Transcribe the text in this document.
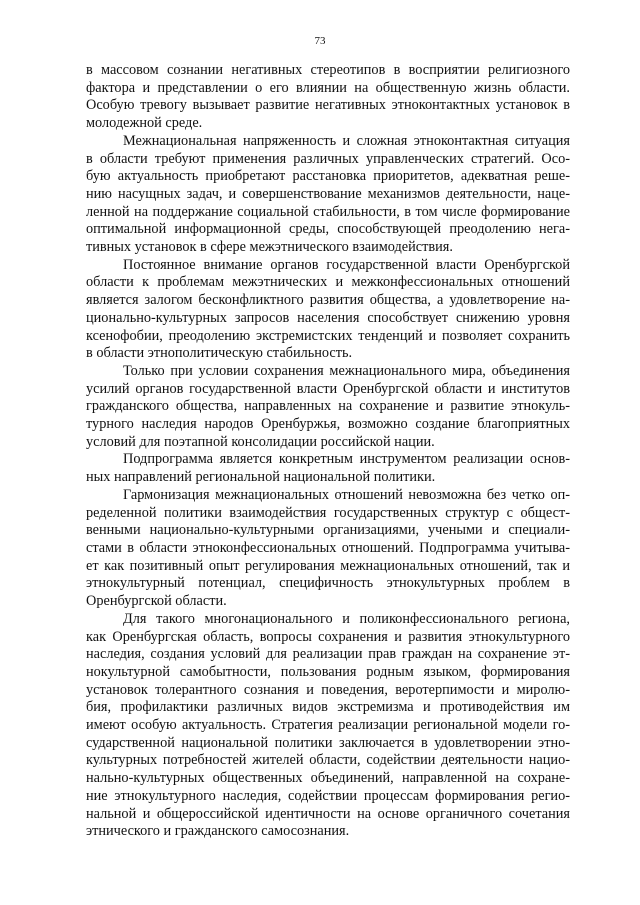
73
в массовом сознании негативных стереотипов в восприятии религиозного
фактора и представлении о его влиянии на общественную жизнь области.
Особую тревогу вызывает развитие негативных этноконтактных установок в
молодежной среде.
Межнациональная напряженность и сложная этноконтактная ситуация
в области требуют применения различных управленческих стратегий. Осо-
бую актуальность приобретают расстановка приоритетов, адекватная реше-
нию насущных задач, и совершенствование механизмов деятельности, наце-
ленной на поддержание социальной стабильности, в том числе формирование
оптимальной информационной среды, способствующей преодолению нега-
тивных установок в сфере межэтнического взаимодействия.
Постоянное внимание органов государственной власти Оренбургской
области к проблемам межэтнических и межконфессиональных отношений
является залогом бесконфликтного развития общества, а удовлетворение на-
ционально-культурных запросов населения способствует снижению уровня
ксенофобии, преодолению экстремистских тенденций и позволяет сохранить
в области этнополитическую стабильность.
Только при условии сохранения межнационального мира, объединения
усилий органов государственной власти Оренбургской области и институтов
гражданского общества, направленных на сохранение и развитие этнокуль-
турного наследия народов Оренбуржья, возможно создание благоприятных
условий для поэтапной консолидации российской нации.
Подпрограмма является конкретным инструментом реализации основ-
ных направлений региональной национальной политики.
Гармонизация межнациональных отношений невозможна без четко оп-
ределенной политики взаимодействия государственных структур с общест-
венными национально-культурными организациями, учеными и специали-
стами в области этноконфессиональных отношений. Подпрограмма учитыва-
ет как позитивный опыт регулирования межнациональных отношений, так и
этнокультурный потенциал, специфичность этнокультурных проблем в
Оренбургской области.
Для такого многонационального и поликонфессионального региона,
как Оренбургская область, вопросы сохранения и развития этнокультурного
наследия, создания условий для реализации прав граждан на сохранение эт-
нокультурной самобытности, пользования родным языком, формирования
установок толерантного сознания и поведения, веротерпимости и миролю-
бия, профилактики различных видов экстремизма и противодействия им
имеют особую актуальность. Стратегия реализации региональной модели го-
сударственной национальной политики заключается в удовлетворении этно-
культурных потребностей жителей области, содействии деятельности нацио-
нально-культурных общественных объединений, направленной на сохране-
ние этнокультурного наследия, содействии процессам формирования регио-
нальной и общероссийской идентичности на основе органичного сочетания
этнического и гражданского самосознания.
